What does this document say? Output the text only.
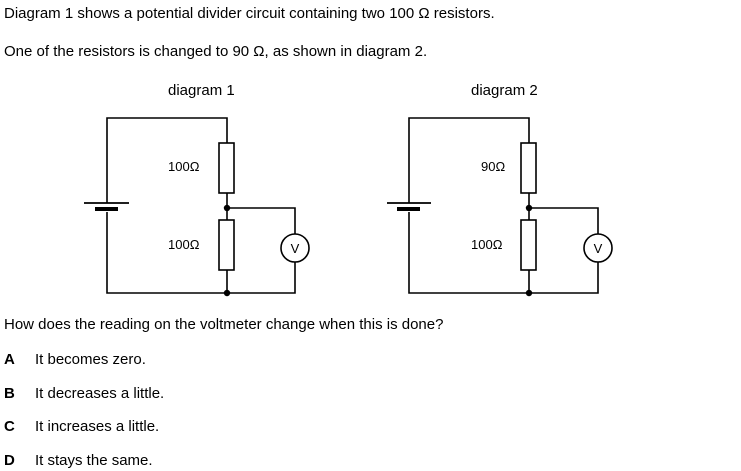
Diagram 1 shows a potential divider circuit containing two 100 Ω resistors.
One of the resistors is changed to 90 Ω, as shown in diagram 2.
diagram 1	diagram 2
V
100Ω
100Ω	V
90Ω
100Ω
How does the reading on the voltmeter change when this is done?
A It becomes zero.
B It decreases a little.
C It increases a little.
D It stays the same.
